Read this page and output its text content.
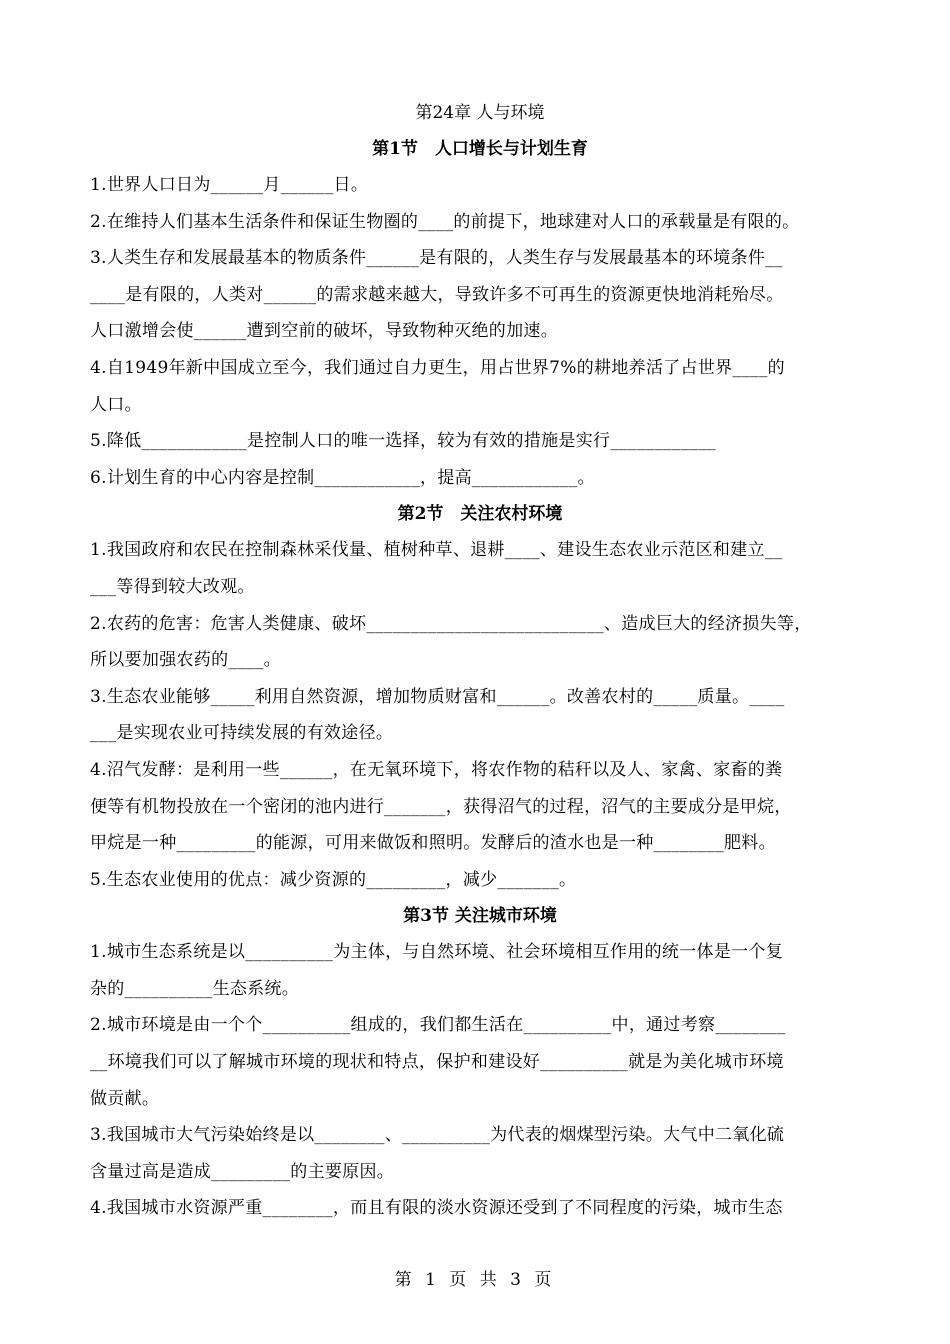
第24章 人与环境
第1节　人口增长与计划生育
1.世界人口日为______月______日。
2.在维持人们基本生活条件和保证生物圈的____的前提下，地球建对人口的承载量是有限的。
3.人类生存和发展最基本的物质条件______是有限的，人类生存与发展最基本的环境条件__
____是有限的，人类对______的需求越来越大，导致许多不可再生的资源更快地消耗殆尽。
人口激增会使______遭到空前的破坏，导致物种灭绝的加速。
4.自1949年新中国成立至今，我们通过自力更生，用占世界7%的耕地养活了占世界____的
人口。
5.降低____________是控制人口的唯一选择，较为有效的措施是实行____________
6.计划生育的中心内容是控制____________，提高____________。
第2节　关注农村环境
1.我国政府和农民在控制森林采伐量、植树种草、退耕____、建设生态农业示范区和建立__
___等得到较大改观。
2.农药的危害：危害人类健康、破坏___________________________、造成巨大的经济损失等，
所以要加强农药的____。
3.生态农业能够_____利用自然资源，增加物质财富和______。改善农村的_____质量。____
___是实现农业可持续发展的有效途径。
4.沼气发酵：是利用一些______，在无氧环境下，将农作物的秸秆以及人、家禽、家畜的粪
便等有机物投放在一个密闭的池内进行_______，获得沼气的过程，沼气的主要成分是甲烷，
甲烷是一种_________的能源，可用来做饭和照明。发酵后的渣水也是一种________肥料。
5.生态农业使用的优点：减少资源的_________，减少_______。
第3节 关注城市环境
1.城市生态系统是以__________为主体，与自然环境、社会环境相互作用的统一体是一个复
杂的__________生态系统。
2.城市环境是由一个个__________组成的，我们都生活在__________中，通过考察________
__环境我们可以了解城市环境的现状和特点，保护和建设好__________就是为美化城市环境
做贡献。
3.我国城市大气污染始终是以________、__________为代表的烟煤型污染。大气中二氧化硫
含量过高是造成_________的主要原因。
4.我国城市水资源严重________，而且有限的淡水资源还受到了不同程度的污染，城市生态
第 1 页 共 3 页
